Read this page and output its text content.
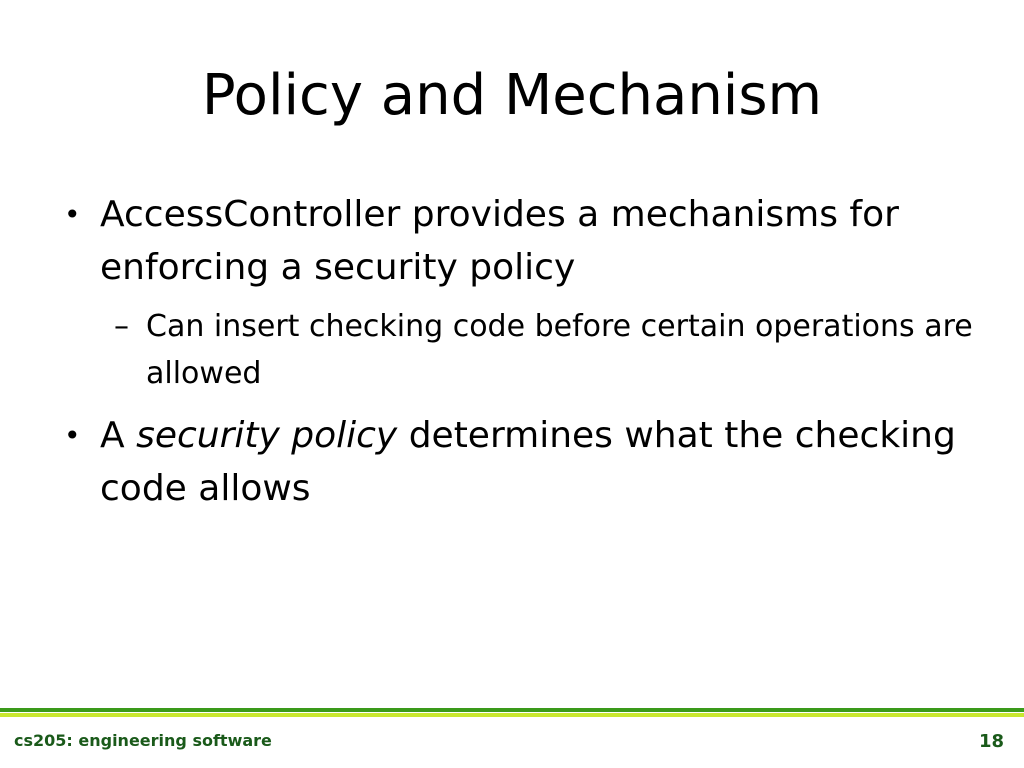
Policy and Mechanism
• AccessController provides a mechanisms for enforcing a security policy
– Can insert checking code before certain operations are allowed
• A security policy determines what the checking code allows
cs205: engineering software	18
